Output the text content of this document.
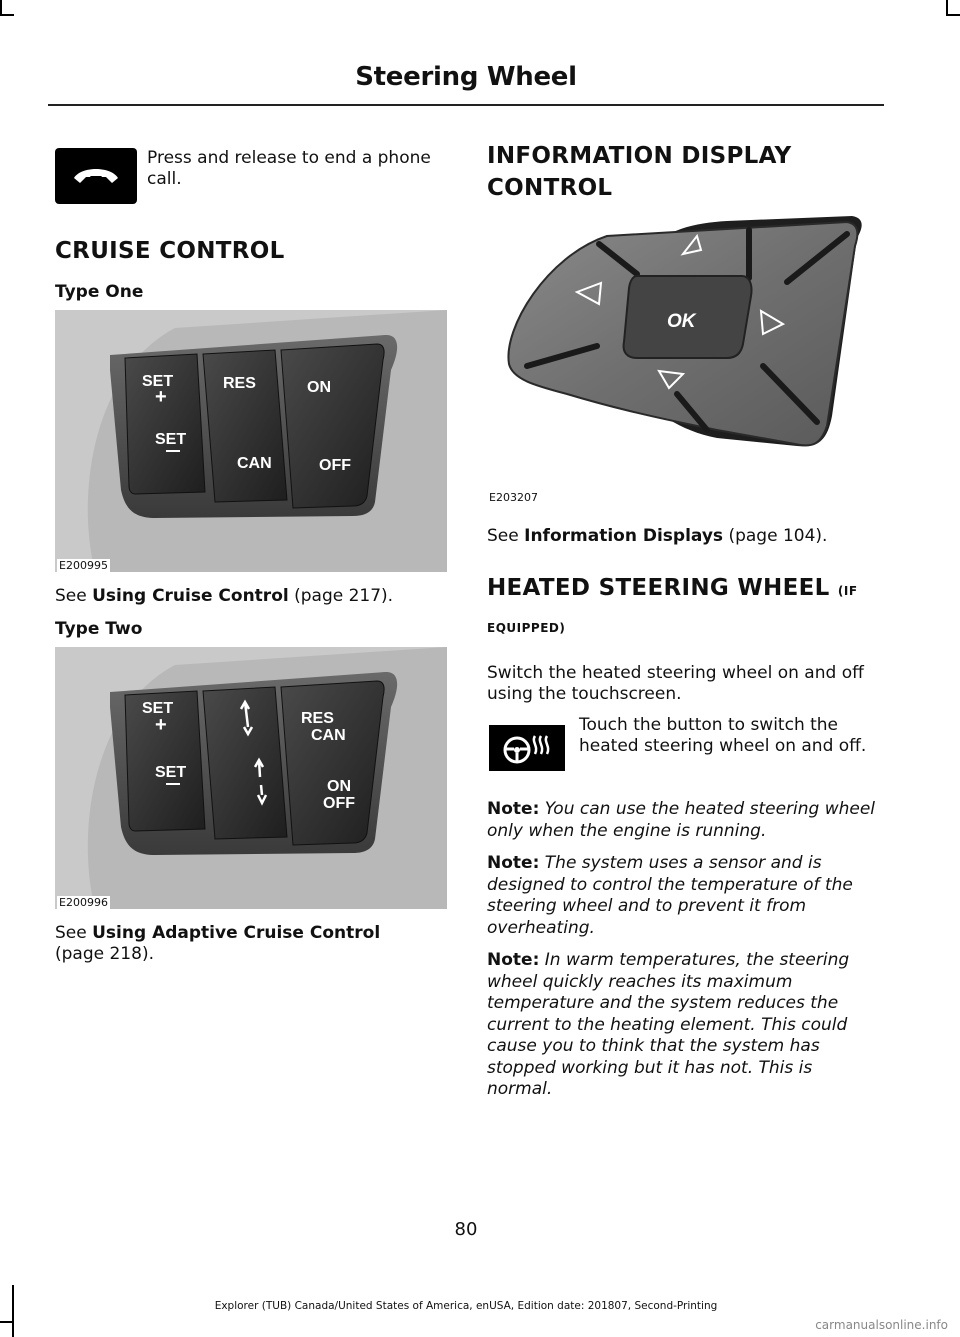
Steering Wheel

Press and release to end a phone call.

CRUISE CONTROL
Type One
SET
+
SET
RES
CAN
ON
OFF
E200995

See Using Cruise Control (page 217).

Type Two
SET
+
SET
RES
CAN
ON
OFF
E200996

See Using Adaptive Cruise Control (page 218).

INFORMATION DISPLAY CONTROL
OK
E203207

See Information Displays (page 104).

HEATED STEERING WHEEL (IF EQUIPPED)

Switch the heated steering wheel on and off using the touchscreen.

Touch the button to switch the heated steering wheel on and off.

Note: You can use the heated steering wheel only when the engine is running.

Note: The system uses a sensor and is designed to control the temperature of the steering wheel and to prevent it from overheating.

Note: In warm temperatures, the steering wheel quickly reaches its maximum temperature and the system reduces the current to the heating element. This could cause you to think that the system has stopped working but it has not. This is normal.

80
Explorer (TUB) Canada/United States of America, enUSA, Edition date: 201807, Second-Printing
carmanualsonline.info
